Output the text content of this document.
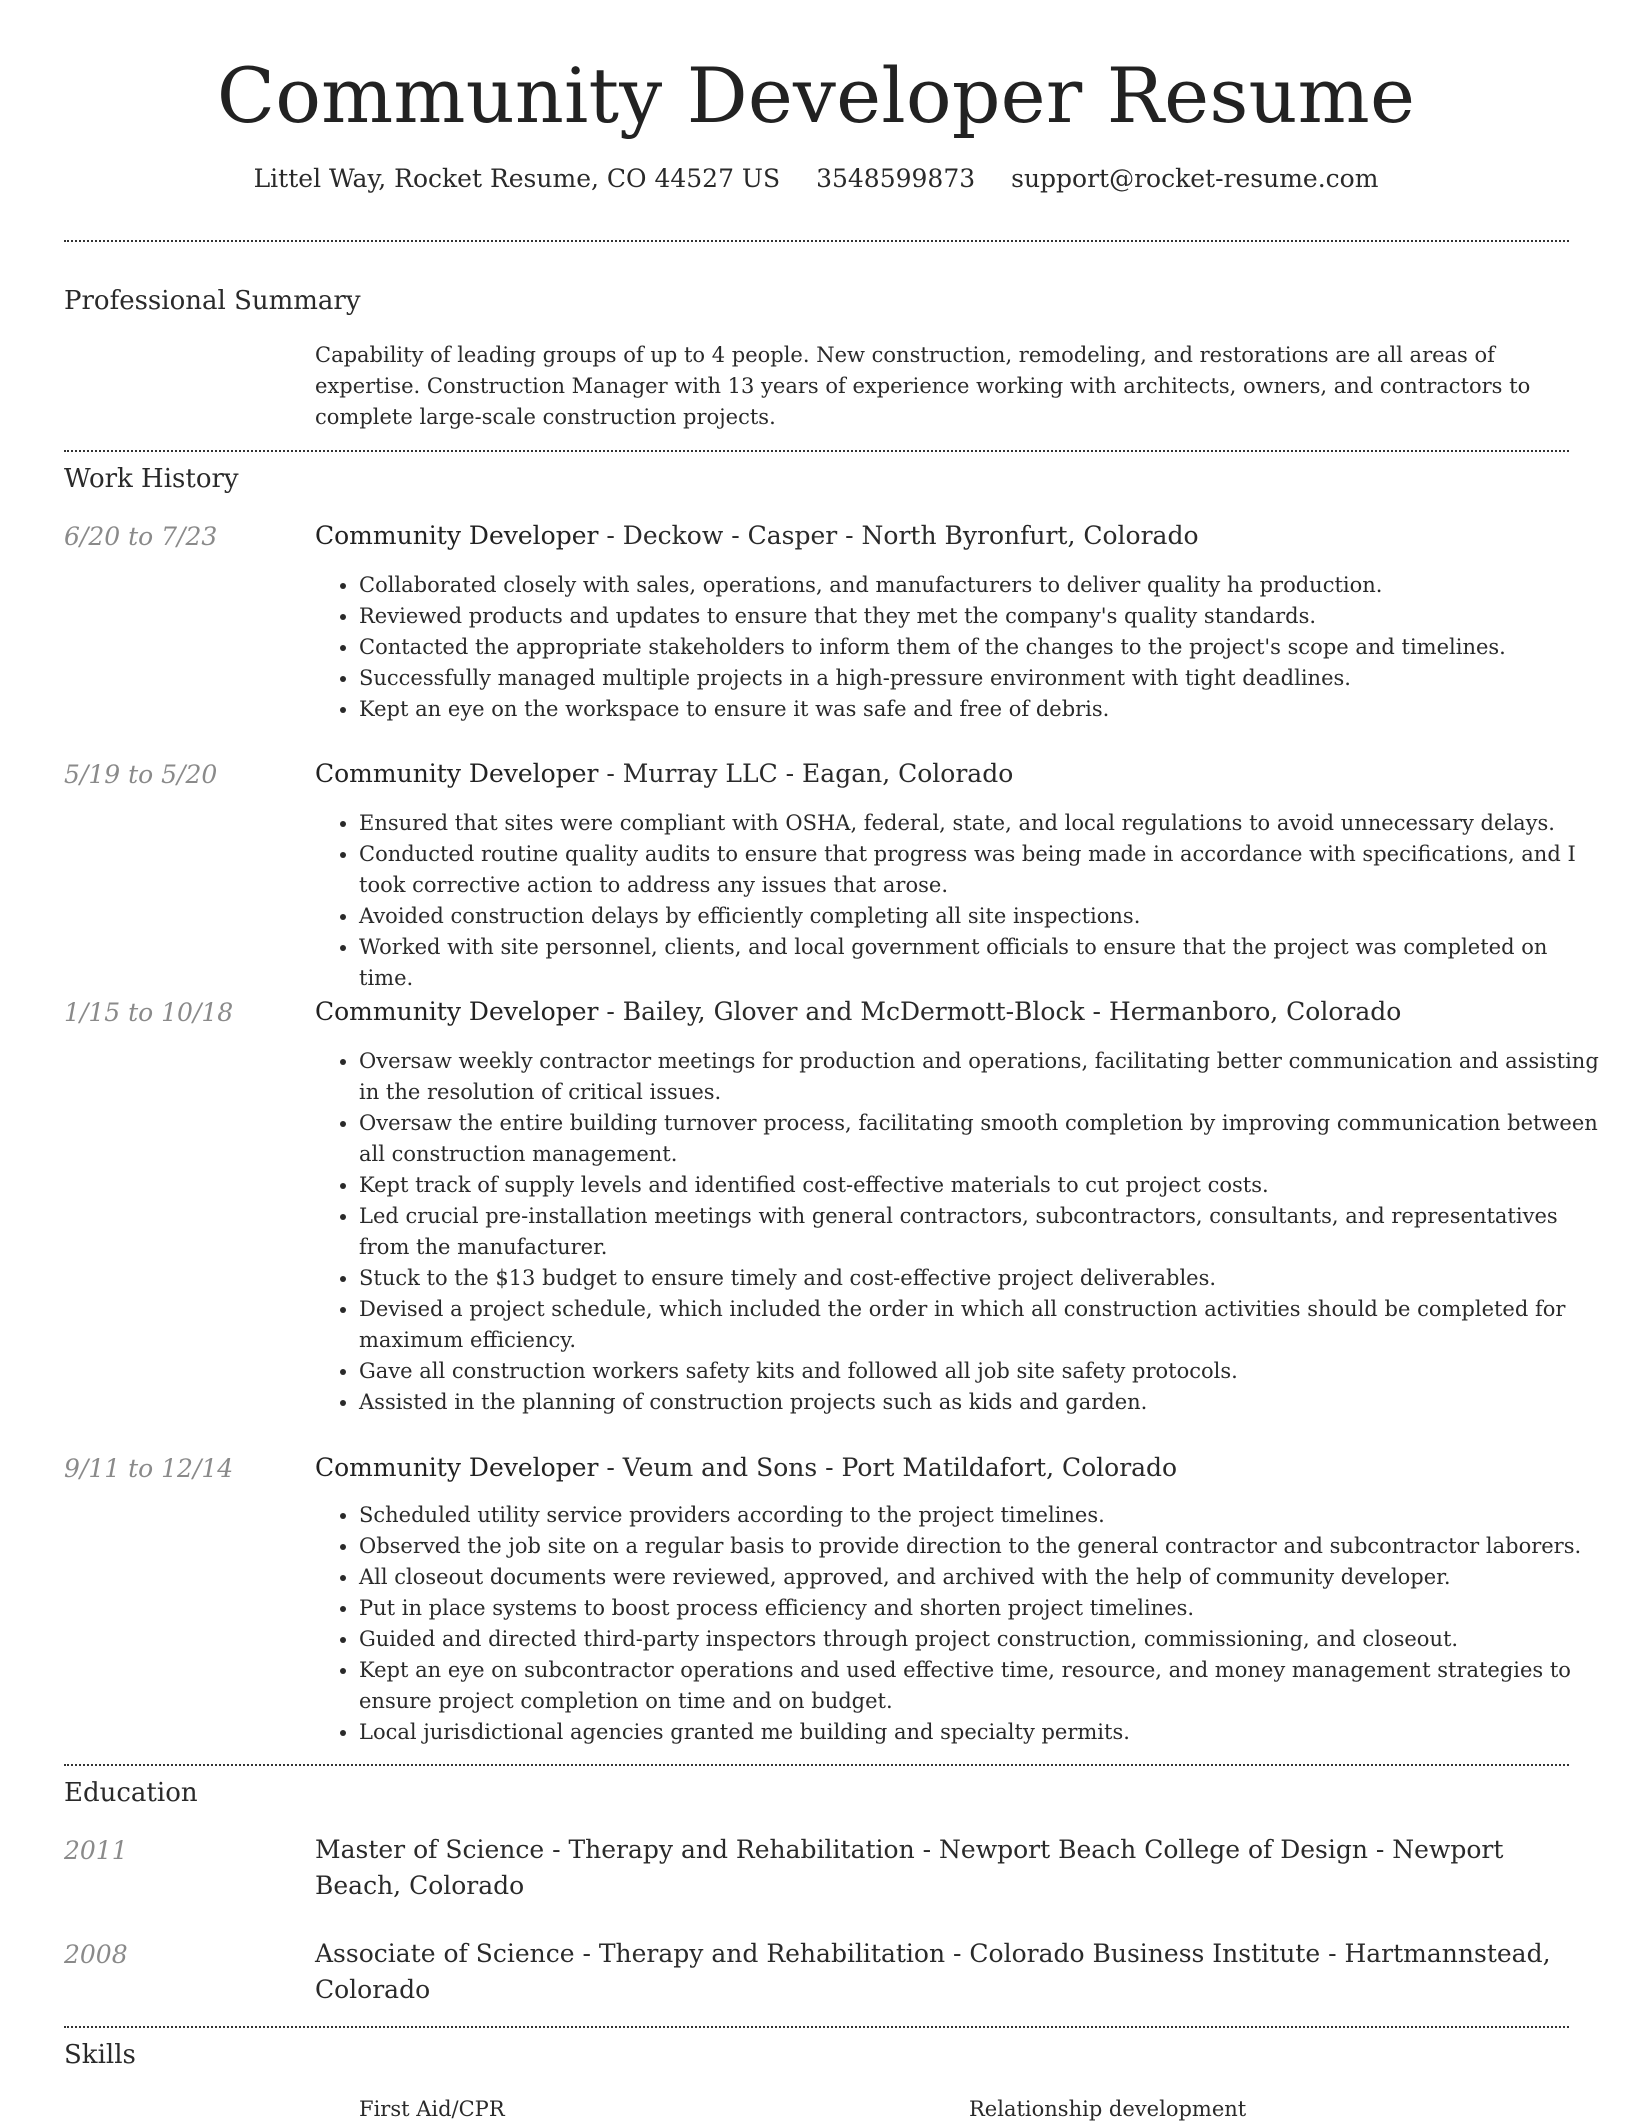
Community Developer Resume
Littel Way, Rocket Resume, CO 44527 US 3548599873 support@rocket-resume.com
Professional Summary
Capability of leading groups of up to 4 people. New construction, remodeling, and restorations are all areas of expertise. Construction Manager with 13 years of experience working with architects, owners, and contractors to complete large-scale construction projects.
Work History
6/20 to 7/23	Community Developer - Deckow - Casper - North Byronfurt, Colorado
• Collaborated closely with sales, operations, and manufacturers to deliver quality ha production.
• Reviewed products and updates to ensure that they met the company's quality standards.
• Contacted the appropriate stakeholders to inform them of the changes to the project's scope and timelines.
• Successfully managed multiple projects in a high-pressure environment with tight deadlines.
• Kept an eye on the workspace to ensure it was safe and free of debris.
5/19 to 5/20	Community Developer - Murray LLC - Eagan, Colorado
• Ensured that sites were compliant with OSHA, federal, state, and local regulations to avoid unnecessary delays.
• Conducted routine quality audits to ensure that progress was being made in accordance with specifications, and I took corrective action to address any issues that arose.
• Avoided construction delays by efficiently completing all site inspections.
• Worked with site personnel, clients, and local government officials to ensure that the project was completed on time.
1/15 to 10/18	Community Developer - Bailey, Glover and McDermott-Block - Hermanboro, Colorado
• Oversaw weekly contractor meetings for production and operations, facilitating better communication and assisting in the resolution of critical issues.
• Oversaw the entire building turnover process, facilitating smooth completion by improving communication between all construction management.
• Kept track of supply levels and identified cost-effective materials to cut project costs.
• Led crucial pre-installation meetings with general contractors, subcontractors, consultants, and representatives from the manufacturer.
• Stuck to the $13 budget to ensure timely and cost-effective project deliverables.
• Devised a project schedule, which included the order in which all construction activities should be completed for maximum efficiency.
• Gave all construction workers safety kits and followed all job site safety protocols.
• Assisted in the planning of construction projects such as kids and garden.
9/11 to 12/14	Community Developer - Veum and Sons - Port Matildafort, Colorado
• Scheduled utility service providers according to the project timelines.
• Observed the job site on a regular basis to provide direction to the general contractor and subcontractor laborers.
• All closeout documents were reviewed, approved, and archived with the help of community developer.
• Put in place systems to boost process efficiency and shorten project timelines.
• Guided and directed third-party inspectors through project construction, commissioning, and closeout.
• Kept an eye on subcontractor operations and used effective time, resource, and money management strategies to ensure project completion on time and on budget.
• Local jurisdictional agencies granted me building and specialty permits.
Education
2011	Master of Science - Therapy and Rehabilitation - Newport Beach College of Design - Newport Beach, Colorado
2008	Associate of Science - Therapy and Rehabilitation - Colorado Business Institute - Hartmannstead, Colorado
Skills
First Aid/CPR	Relationship development
